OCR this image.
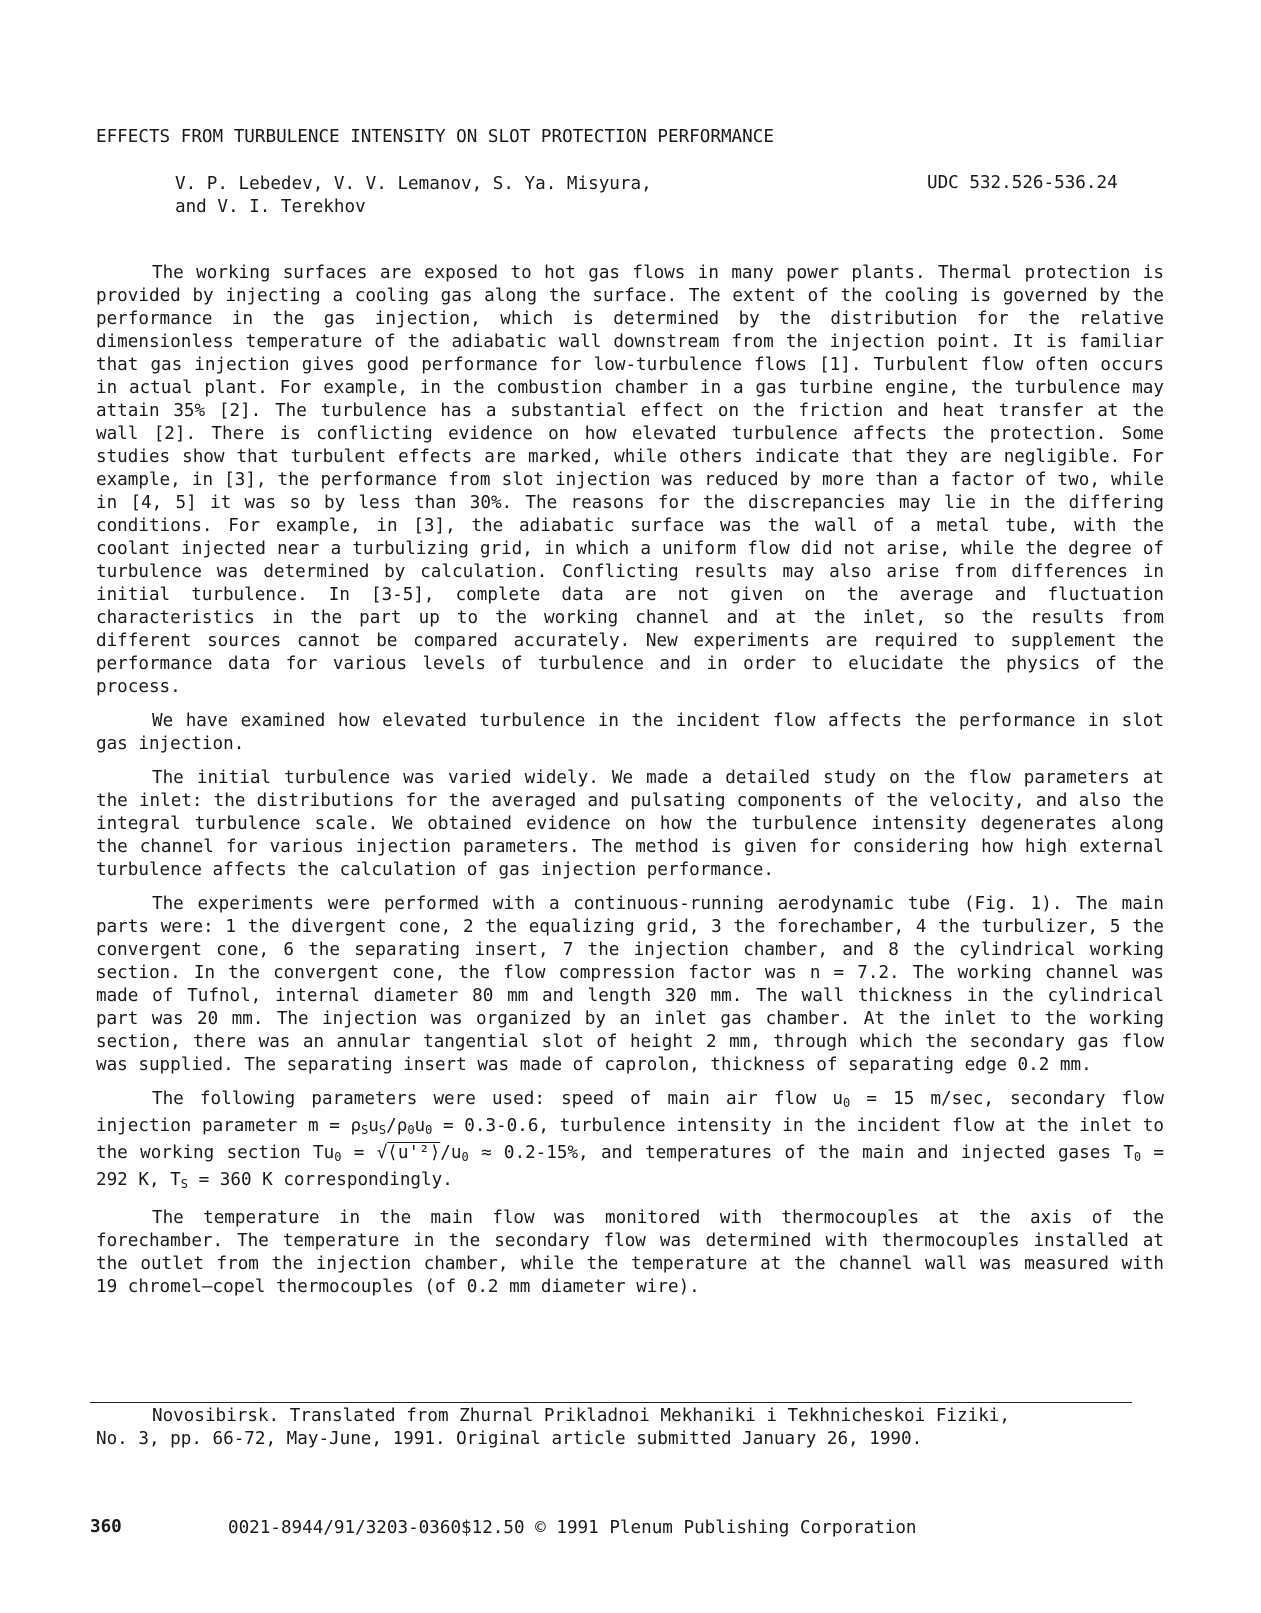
EFFECTS FROM TURBULENCE INTENSITY ON SLOT PROTECTION PERFORMANCE
V. P. Lebedev, V. V. Lemanov, S. Ya. Misyura,
and V. I. Terekhov
UDC 532.526-536.24

The working surfaces are exposed to hot gas flows in many power plants. Thermal protection is provided by injecting a cooling gas along the surface. The extent of the cooling is governed by the performance in the gas injection, which is determined by the distribution for the relative dimensionless temperature of the adiabatic wall downstream from the injection point. It is familiar that gas injection gives good performance for low-turbulence flows [1]. Turbulent flow often occurs in actual plant. For example, in the combustion chamber in a gas turbine engine, the turbulence may attain 35% [2]. The turbulence has a substantial effect on the friction and heat transfer at the wall [2]. There is conflicting evidence on how elevated turbulence affects the protection. Some studies show that turbulent effects are marked, while others indicate that they are negligible. For example, in [3], the performance from slot injection was reduced by more than a factor of two, while in [4, 5] it was so by less than 30%. The reasons for the discrepancies may lie in the differing conditions. For example, in [3], the adiabatic surface was the wall of a metal tube, with the coolant injected near a turbulizing grid, in which a uniform flow did not arise, while the degree of turbulence was determined by calculation. Conflicting results may also arise from differences in initial turbulence. In [3-5], complete data are not given on the average and fluctuation characteristics in the part up to the working channel and at the inlet, so the results from different sources cannot be compared accurately. New experiments are required to supplement the performance data for various levels of turbulence and in order to elucidate the physics of the process.

We have examined how elevated turbulence in the incident flow affects the performance in slot gas injection.

The initial turbulence was varied widely. We made a detailed study on the flow parameters at the inlet: the distributions for the averaged and pulsating components of the velocity, and also the integral turbulence scale. We obtained evidence on how the turbulence intensity degenerates along the channel for various injection parameters. The method is given for considering how high external turbulence affects the calculation of gas injection performance.

The experiments were performed with a continuous-running aerodynamic tube (Fig. 1). The main parts were: 1 the divergent cone, 2 the equalizing grid, 3 the forechamber, 4 the turbulizer, 5 the convergent cone, 6 the separating insert, 7 the injection chamber, and 8 the cylindrical working section. In the convergent cone, the flow compression factor was n = 7.2. The working channel was made of Tufnol, internal diameter 80 mm and length 320 mm. The wall thickness in the cylindrical part was 20 mm. The injection was organized by an inlet gas chamber. At the inlet to the working section, there was an annular tangential slot of height 2 mm, through which the secondary gas flow was supplied. The separating insert was made of caprolon, thickness of separating edge 0.2 mm.

The following parameters were used: speed of main air flow $u_0 = 15$ m/sec, secondary flow injection parameter $m = \rho_Su_S/\rho_0u_0 = 0.3-0.6$, turbulence intensity in the incident flow at the inlet to the working section $Tu_0$ = $√⟨u'^2⟩/u_0 \approx 0.2-15\%$, and temperatures of the main and injected gases $T_0 = 292$ K, $T_S = 360$ K correspondingly.

The temperature in the main flow was monitored with thermocouples at the axis of the forechamber. The temperature in the secondary flow was determined with thermocouples installed at the outlet from the injection chamber, while the temperature at the channel wall was measured with 19 chromel—copel thermocouples (of 0.2 mm diameter wire).

Novosibirsk. Translated from Zhurnal Prikladnoi Mekhaniki i Tekhnicheskoi Fiziki,
No. 3, pp. 66-72, May-June, 1991. Original article submitted January 26, 1990.
360	0021-8944/91/3203-0360$12.50 © 1991 Plenum Publishing Corporation
